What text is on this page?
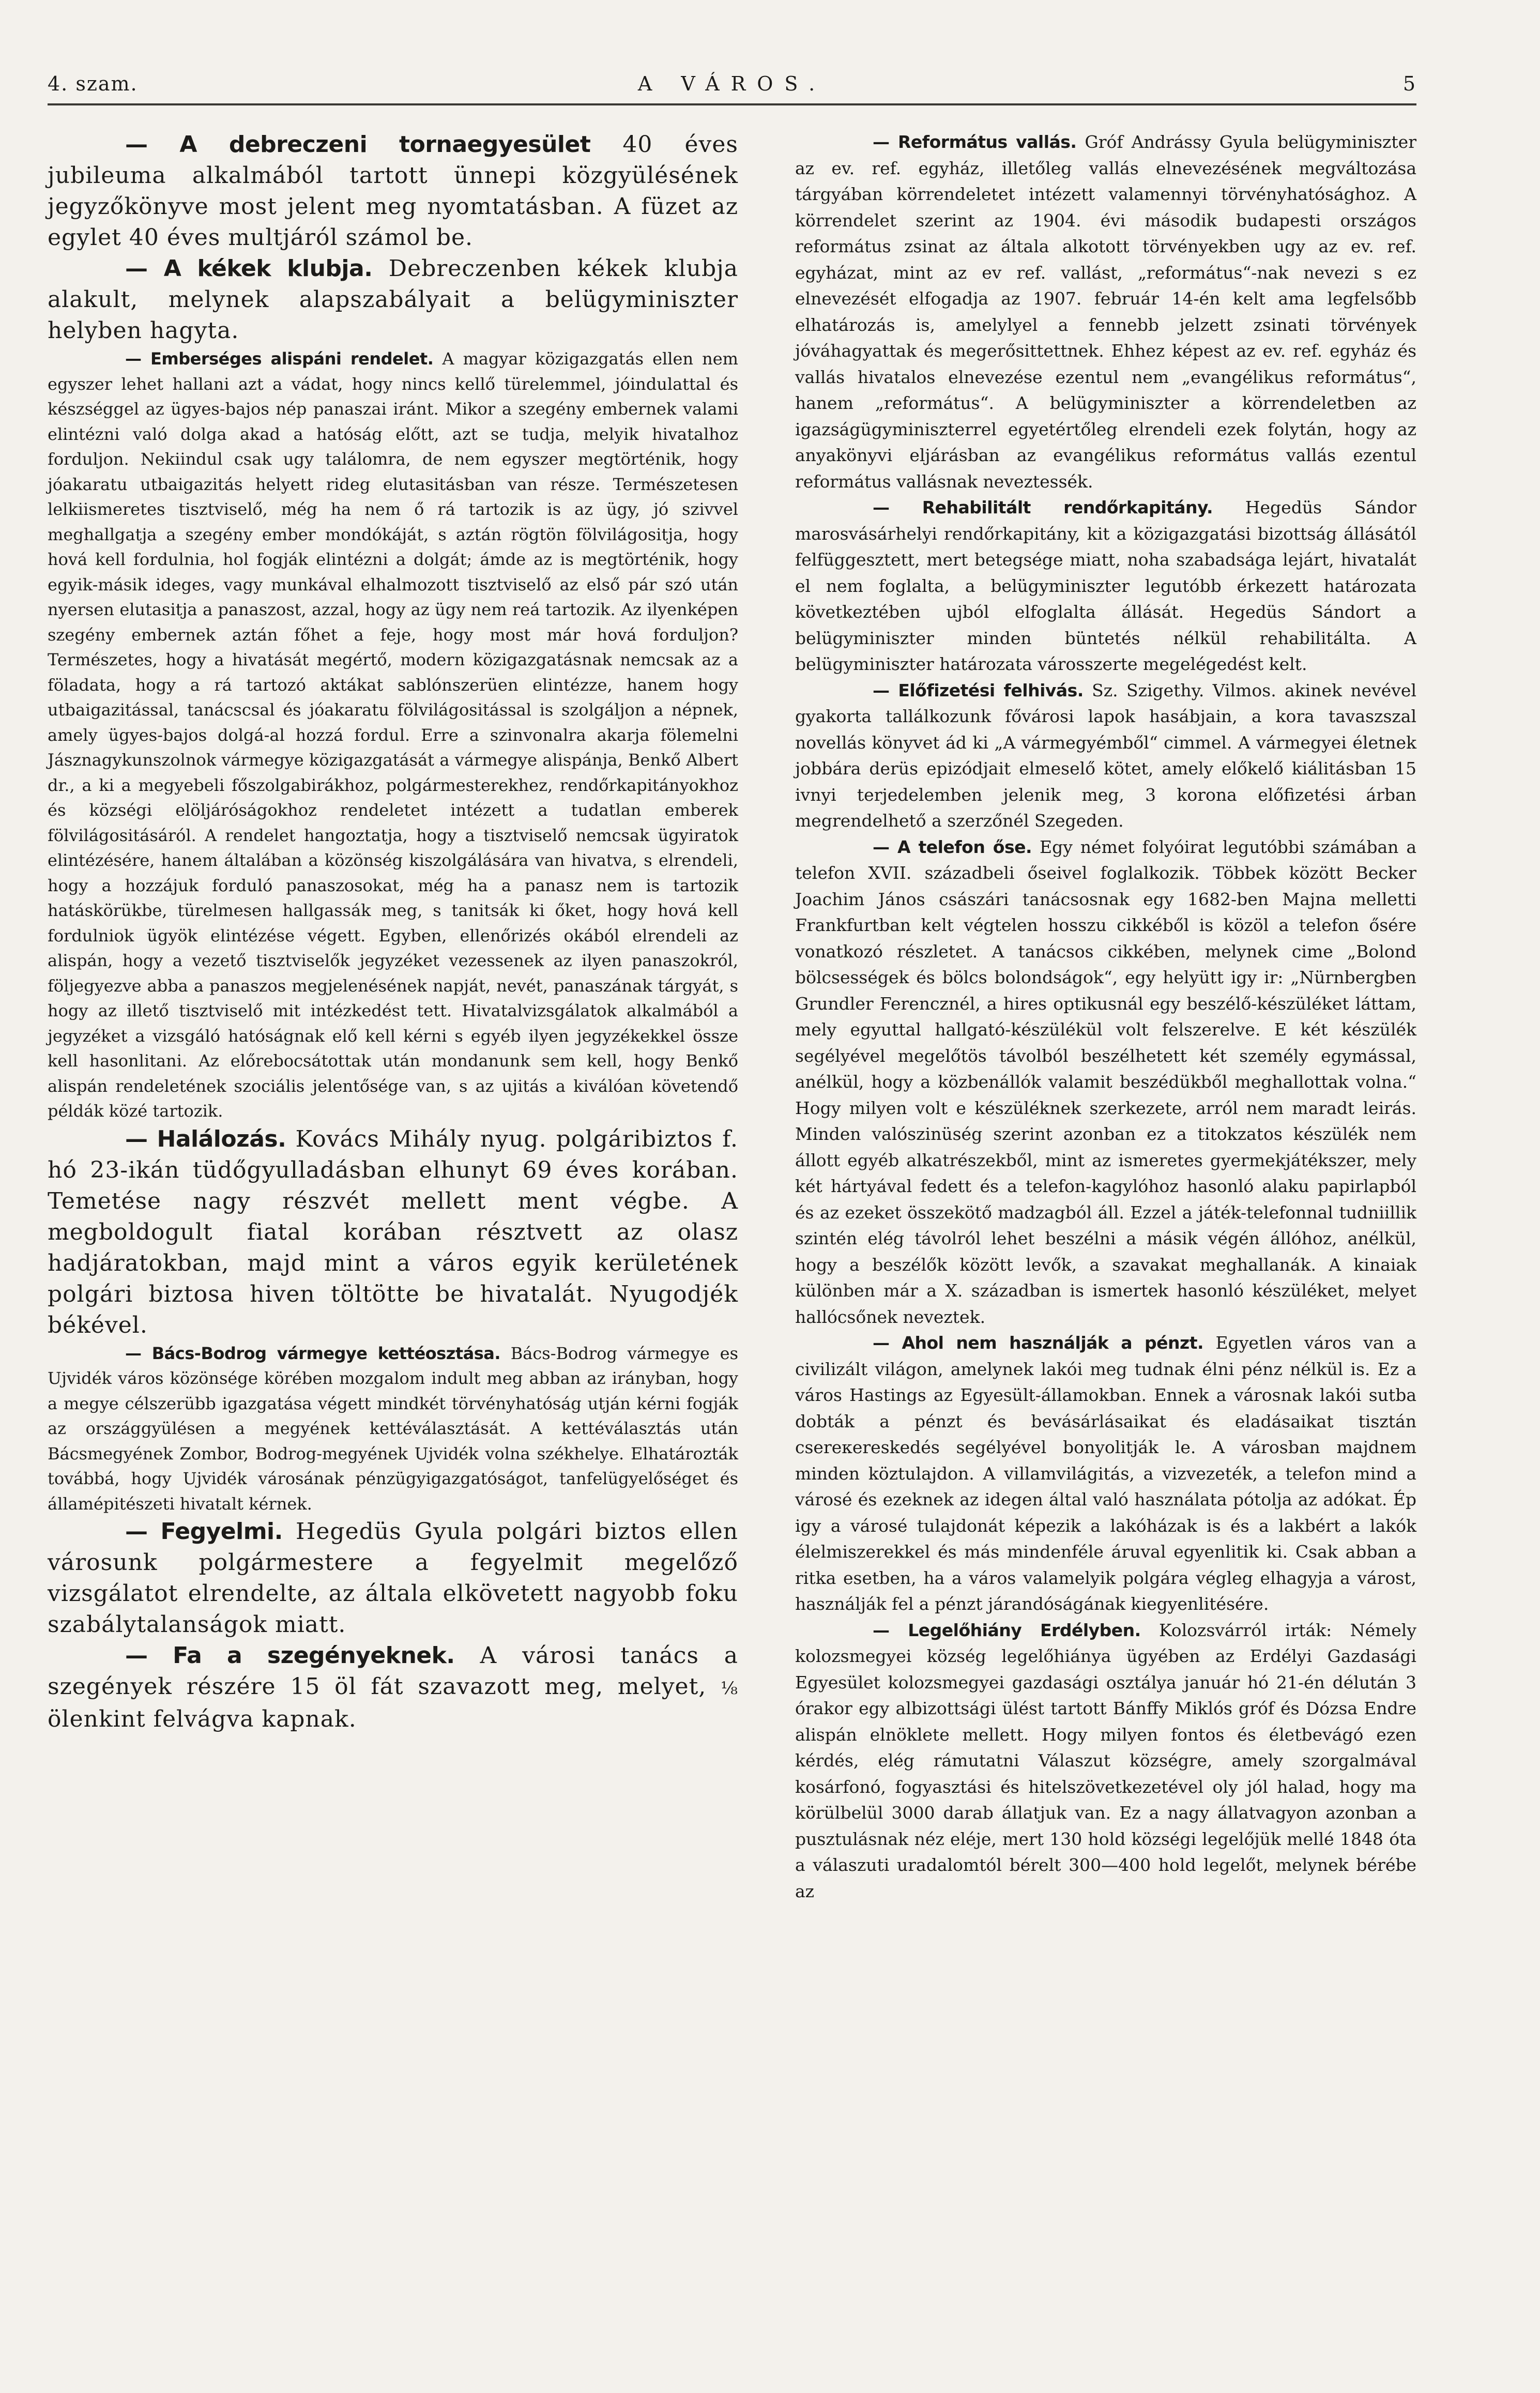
4. szam.	A VÁROS.	5

— A debreczeni tornaegyesület 40 éves jubileuma alkalmából tartott ünnepi közgyülésének jegyzőkönyve most jelent meg nyomtatásban. A füzet az egylet 40 éves multjáról számol be.

— A kékek klubja. Debreczenben kékek klubja alakult, melynek alapszabályait a belügyminiszter helyben hagyta.

— Emberséges alispáni rendelet. A magyar közigazgatás ellen nem egyszer lehet hallani azt a vádat, hogy nincs kellő türelemmel, jóindulattal és készséggel az ügyes-bajos nép panaszai iránt. Mikor a szegény embernek valami elintézni való dolga akad a hatóság előtt, azt se tudja, melyik hivatalhoz forduljon. Nekiindul csak ugy találomra, de nem egyszer megtörténik, hogy jóakaratu utbaigazitás helyett rideg elutasitásban van része. Természetesen lelkiismeretes tisztviselő, még ha nem ő rá tartozik is az ügy, jó szivvel meghallgatja a szegény ember mondókáját, s aztán rögtön fölvilágositja, hogy hová kell fordulnia, hol fogják elintézni a dolgát; ámde az is megtörténik, hogy egyik-másik ideges, vagy munkával elhalmozott tisztviselő az első pár szó után nyersen elutasitja a panaszost, azzal, hogy az ügy nem reá tartozik. Az ilyenképen szegény embernek aztán főhet a feje, hogy most már hová forduljon? Természetes, hogy a hivatását megértő, modern közigazgatásnak nemcsak az a föladata, hogy a rá tartozó aktákat sablónszerüen elintézze, hanem hogy utbaigazitással, tanácscsal és jóakaratu fölvilágositással is szolgáljon a népnek, amely ügyes-bajos dolgá-al hozzá fordul. Erre a szinvonalra akarja fölemelni Jásznagykunszolnok vármegye közigazgatását a vármegye alispánja, Benkő Albert dr., a ki a megyebeli főszolgabirákhoz, polgármesterekhez, rendőrkapitányokhoz és községi elöljáróságokhoz rendeletet intézett a tudatlan emberek fölvilágositásáról. A rendelet hangoztatja, hogy a tisztviselő nemcsak ügyiratok elintézésére, hanem általában a közönség kiszolgálására van hivatva, s elrendeli, hogy a hozzájuk forduló panaszosokat, még ha a panasz nem is tartozik hatáskörükbe, türelmesen hallgassák meg, s tanitsák ki őket, hogy hová kell fordulniok ügyök elintézése végett. Egyben, ellenőrizés okából elrendeli az alispán, hogy a vezető tisztviselők jegyzéket vezessenek az ilyen panaszokról, följegyezve abba a panaszos megjelenésének napját, nevét, panaszának tárgyát, s hogy az illető tisztviselő mit intézkedést tett. Hivatalvizsgálatok alkalmából a jegyzéket a vizsgáló hatóságnak elő kell kérni s egyéb ilyen jegyzékekkel össze kell hasonlitani. Az előrebocsátottak után mondanunk sem kell, hogy Benkő alispán rendeletének szociális jelentősége van, s az ujitás a kiválóan követendő példák közé tartozik.

— Halálozás. Kovács Mihály nyug. polgáribiztos f. hó 23-ikán tüdőgyulladásban elhunyt 69 éves korában. Temetése nagy részvét mellett ment végbe. A megboldogult fiatal korában résztvett az olasz hadjáratokban, majd mint a város egyik kerületének polgári biztosa hiven töltötte be hivatalát. Nyugodjék békével.

— Bács-Bodrog vármegye kettéosztása. Bács-Bodrog vármegye es Ujvidék város közönsége körében mozgalom indult meg abban az irányban, hogy a megye célszerübb igazgatása végett mindkét törvényhatóság utján kérni fogják az országgyülésen a megyének kettéválasztását. A kettéválasztás után Bácsmegyének Zombor, Bodrog-megyének Ujvidék volna székhelye. Elhatározták továbbá, hogy Ujvidék városának pénzügyigazgatóságot, tanfelügyelőséget és államépitészeti hivatalt kérnek.

— Fegyelmi. Hegedüs Gyula polgári biztos ellen városunk polgármestere a fegyelmit megelőző vizsgálatot elrendelte, az általa elkövetett nagyobb foku szabálytalanságok miatt.

— Fa a szegényeknek. A városi tanács a szegények részére 15 öl fát szavazott meg, melyet, ⅛ ölenkint felvágva kapnak.

— Református vallás. Gróf Andrássy Gyula belügyminiszter az ev. ref. egyház, illetőleg vallás elnevezésének megváltozása tárgyában körrendeletet intézett valamennyi törvényhatósághoz. A körrendelet szerint az 1904. évi második budapesti országos református zsinat az általa alkotott törvényekben ugy az ev. ref. egyházat, mint az ev ref. vallást, „református“-nak nevezi s ez elnevezését elfogadja az 1907. február 14-én kelt ama legfelsőbb elhatározás is, amelylyel a fennebb jelzett zsinati törvények jóváhagyattak és megerősittettnek. Ehhez képest az ev. ref. egyház és vallás hivatalos elnevezése ezentul nem „evangélikus református“, hanem „református“. A belügyminiszter a körrendeletben az igazságügyminiszterrel egyetértőleg elrendeli ezek folytán, hogy az anyakönyvi eljárásban az evangélikus református vallás ezentul református vallásnak neveztessék.

— Rehabilitált rendőrkapitány. Hegedüs Sándor marosvásárhelyi rendőrkapitány, kit a közigazgatási bizottság állásától felfüggesztett, mert betegsége miatt, noha szabadsága lejárt, hivatalát el nem foglalta, a belügyminiszter legutóbb érkezett határozata következtében ujból elfoglalta állását. Hegedüs Sándort a belügyminiszter minden büntetés nélkül rehabilitálta. A belügyminiszter határozata városszerte megelégedést kelt.

— Előfizetési felhivás. Sz. Szigethy. Vilmos. akinek nevével gyakorta tallálkozunk fővárosi lapok hasábjain, a kora tavaszszal novellás könyvet ád ki „A vármegyémből“ cimmel. A vármegyei életnek jobbára derüs epizódjait elmeselő kötet, amely előkelő kiálitásban 15 ivnyi terjedelemben jelenik meg, 3 korona előfizetési árban megrendelhető a szerzőnél Szegeden.

— A telefon őse. Egy német folyóirat legutóbbi számában a telefon XVII. századbeli őseivel foglalkozik. Többek között Becker Joachim János császári tanácsosnak egy 1682-ben Majna melletti Frankfurtban kelt végtelen hosszu cikkéből is közöl a telefon ősére vonatkozó részletet. A tanácsos cikkében, melynek cime „Bolond bölcsességek és bölcs bolondságok“, egy helyütt igy ir: „Nürnbergben Grundler Ferencznél, a hires optikusnál egy beszélő-készüléket láttam, mely egyuttal hallgató-készülékül volt felszerelve. E két készülék segélyével megelőtös távolból beszélhetett két személy egymással, anélkül, hogy a közbenállók valamit beszédükből meghallottak volna.“ Hogy milyen volt e készüléknek szerkezete, arról nem maradt leirás. Minden valószinüség szerint azonban ez a titokzatos készülék nem állott egyéb alkatrészekből, mint az ismeretes gyermekjátékszer, mely két hártyával fedett és a telefon-kagylóhoz hasonló alaku papirlapból és az ezeket összekötő madzagból áll. Ezzel a játék-telefonnal tudniillik szintén elég távolról lehet beszélni a másik végén állóhoz, anélkül, hogy a beszélők között levők, a szavakat meghallanák. A kinaiak különben már a X. században is ismertek hasonló készüléket, melyet hallócsőnek neveztek.

— Ahol nem használják a pénzt. Egyetlen város van a civilizált világon, amelynek lakói meg tudnak élni pénz nélkül is. Ez a város Hastings az Egyesült-államokban. Ennek a városnak lakói sutba dobták a pénzt és bevásárlásaikat és eladásaikat tisztán csereкereskedés segélyével bonyolitják le. A városban majdnem minden köztulajdon. A villamvilágitás, a vizvezeték, a telefon mind a városé és ezeknek az idegen által való használata pótolja az adókat. Ép igy a városé tulajdonát képezik a lakóházak is és a lakbért a lakók élelmiszerekkel és más mindenféle áruval egyenlitik ki. Csak abban a ritka esetben, ha a város valamelyik polgára végleg elhagyja a várost, használják fel a pénzt járandóságának kiegyenlitésére.

— Legelőhiány Erdélyben. Kolozsvárról irták: Némely kolozsmegyei község legelőhiánya ügyében az Erdélyi Gazdasági Egyesület kolozsmegyei gazdasági osztálya január hó 21-én délután 3 órakor egy albizottsági ülést tartott Bánffy Miklós gróf és Dózsa Endre alispán elnöklete mellett. Hogy milyen fontos és életbevágó ezen kérdés, elég rámutatni Válaszut községre, amely szorgalmával kosárfonó, fogyasztási és hitelszövetkezetével oly jól halad, hogy ma körülbelül 3000 darab állatjuk van. Ez a nagy állatvagyon azonban a pusztulásnak néz eléje, mert 130 hold községi legelőjük mellé 1848 óta a válaszuti uradalomtól bérelt 300—400 hold legelőt, melynek bérébe az
